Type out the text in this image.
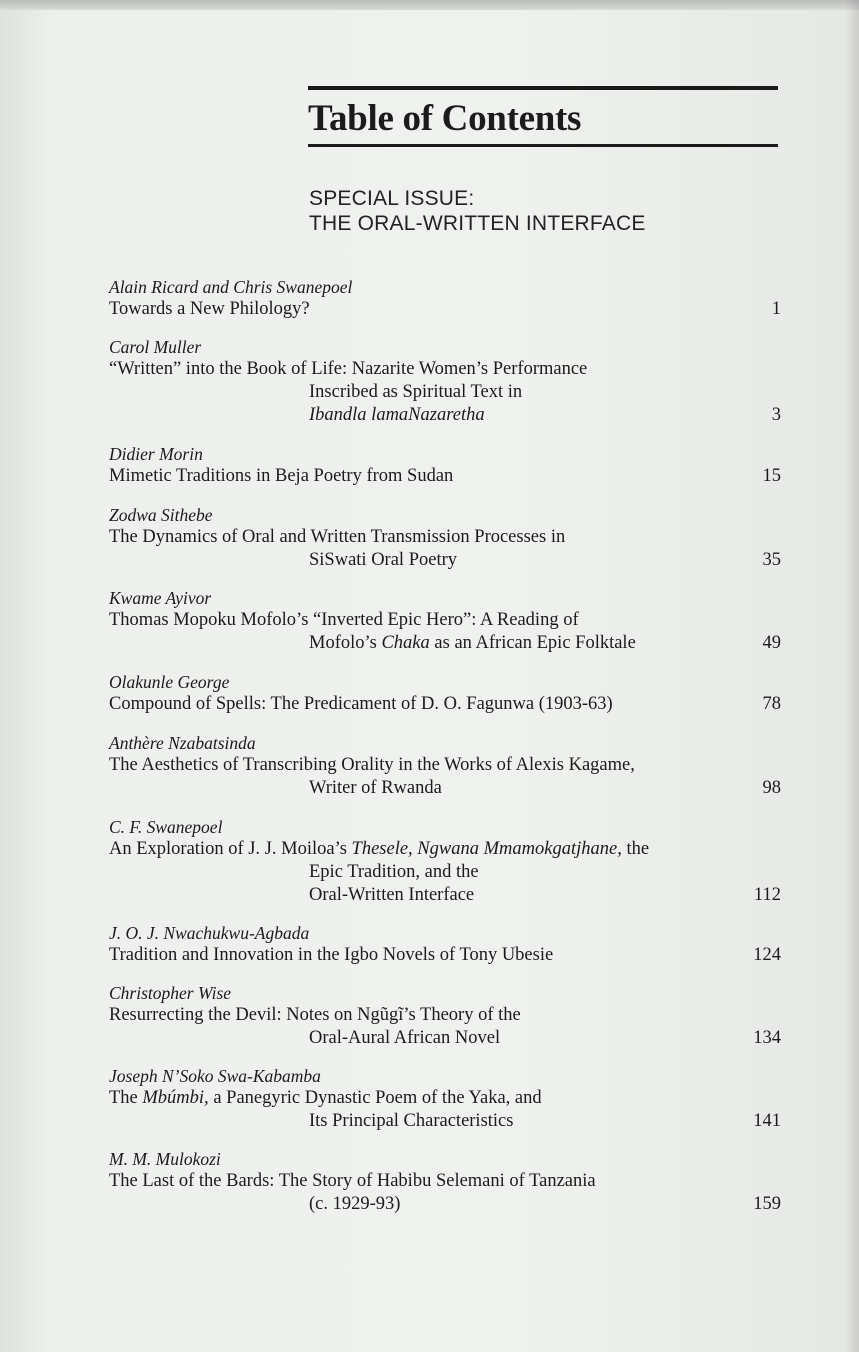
Table of Contents
SPECIAL ISSUE:
THE ORAL-WRITTEN INTERFACE
Alain Ricard and Chris Swanepoel
Towards a New Philology?	1
Carol Muller
“Written” into the Book of Life: Nazarite Women’s Performance
Inscribed as Spiritual Text in
Ibandla lamaNazaretha	3
Didier Morin
Mimetic Traditions in Beja Poetry from Sudan	15
Zodwa Sithebe
The Dynamics of Oral and Written Transmission Processes in
SiSwati Oral Poetry	35
Kwame Ayivor
Thomas Mopoku Mofolo’s “Inverted Epic Hero”: A Reading of
Mofolo’s Chaka as an African Epic Folktale	49
Olakunle George
Compound of Spells: The Predicament of D. O. Fagunwa (1903-63)	78
Anthère Nzabatsinda
The Aesthetics of Transcribing Orality in the Works of Alexis Kagame,
Writer of Rwanda	98
C. F. Swanepoel
An Exploration of J. J. Moiloa’s Thesele, Ngwana Mmamokgatjhane, the
Epic Tradition, and the
Oral-Written Interface	112
J. O. J. Nwachukwu-Agbada
Tradition and Innovation in the Igbo Novels of Tony Ubesie	124
Christopher Wise
Resurrecting the Devil: Notes on Ngũgĩ’s Theory of the
Oral-Aural African Novel	134
Joseph N’Soko Swa-Kabamba
The Mbúmbi, a Panegyric Dynastic Poem of the Yaka, and
Its Principal Characteristics	141
M. M. Mulokozi
The Last of the Bards: The Story of Habibu Selemani of Tanzania
(c. 1929-93)	159
